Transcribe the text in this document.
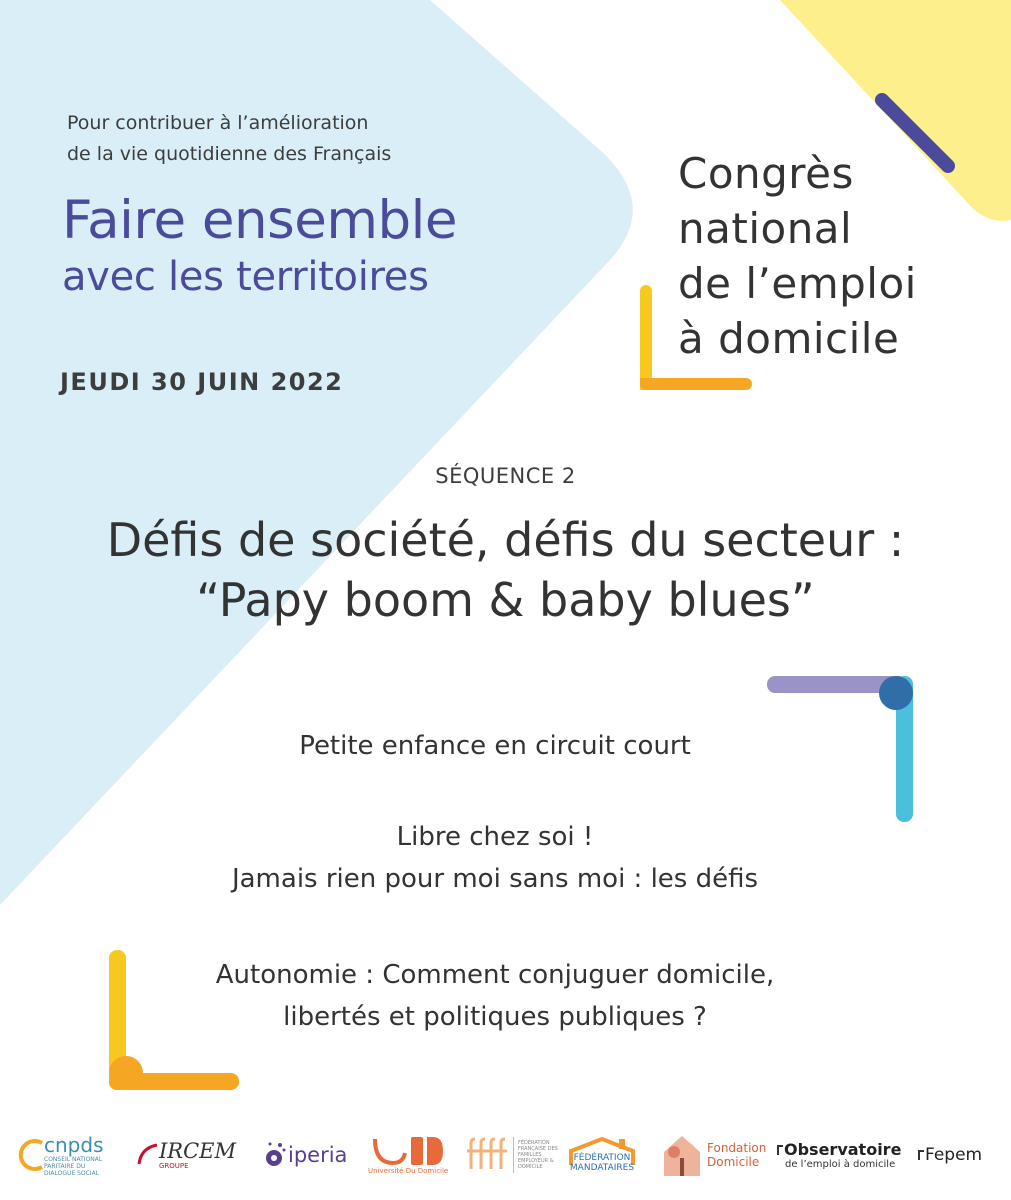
Pour contribuer à l’amélioration
de la vie quotidienne des Français
Faire ensemble
avec les territoires
JEUDI 30 JUIN 2022
Congrès
national
de l’emploi
à domicile
SÉQUENCE 2
Défis de société, défis du secteur :
“Papy boom & baby blues”
Petite enfance en circuit court
Libre chez soi !
Jamais rien pour moi sans moi : les défis
Autonomie : Comment conjuguer domicile,
libertés et politiques publiques ?
cnpds
CONSEIL NATIONAL PARITAIRE DU DIALOGUE SOCIAL
IRCEM
GROUPE	iperia
Université Du Domicile
FÉDÉRATION FRANÇAISE DES FAMILLES EMPLOYEUR & DOMICILE
FÉDÉRATION
MANDATAIRES
Fondation
Domicile
Observatoire
de l’emploi à domicile Fepem
